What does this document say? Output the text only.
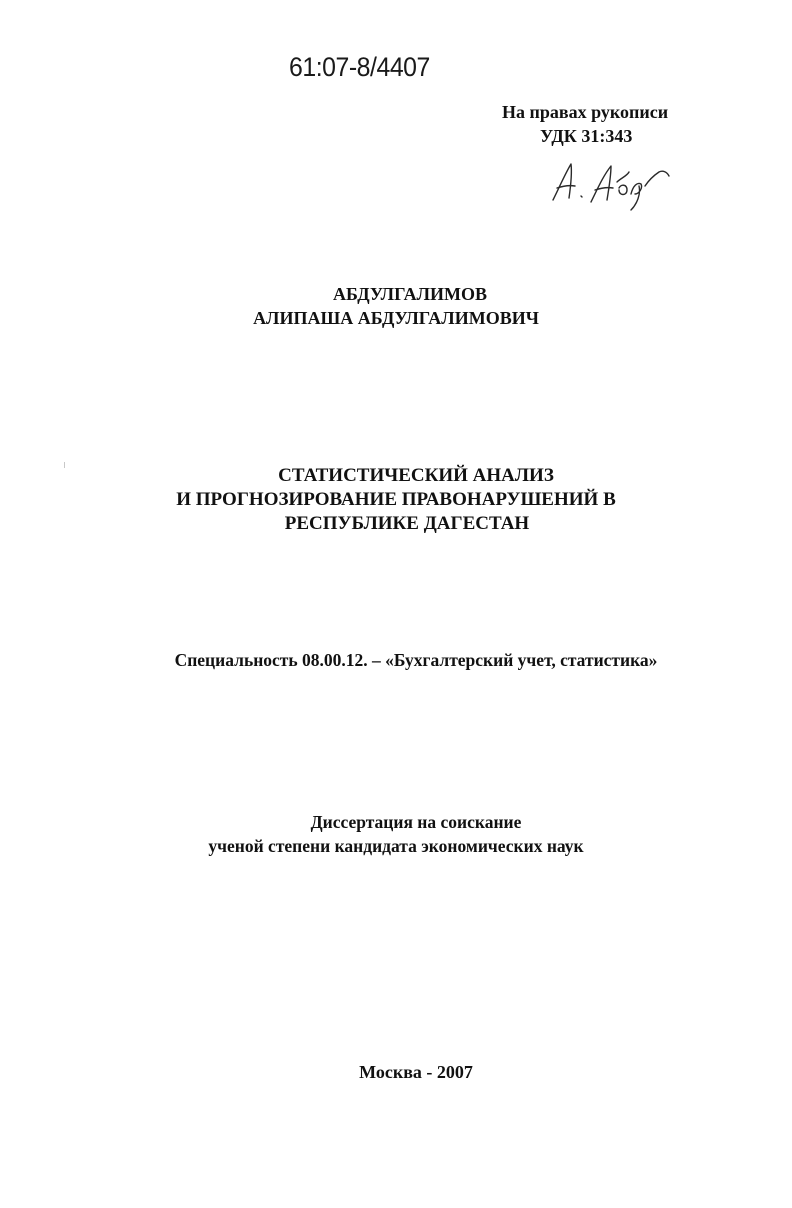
61:07-8/4407
На правах рукописи
УДК 31:343
АБДУЛГАЛИМОВ
АЛИПАША АБДУЛГАЛИМОВИЧ
СТАТИСТИЧЕСКИЙ АНАЛИЗ
И ПРОГНОЗИРОВАНИЕ ПРАВОНАРУШЕНИЙ В
РЕСПУБЛИКЕ ДАГЕСТАН
Специальность 08.00.12. – «Бухгалтерский учет, статистика»
Диссертация на соискание
ученой степени кандидата экономических наук
Москва - 2007
